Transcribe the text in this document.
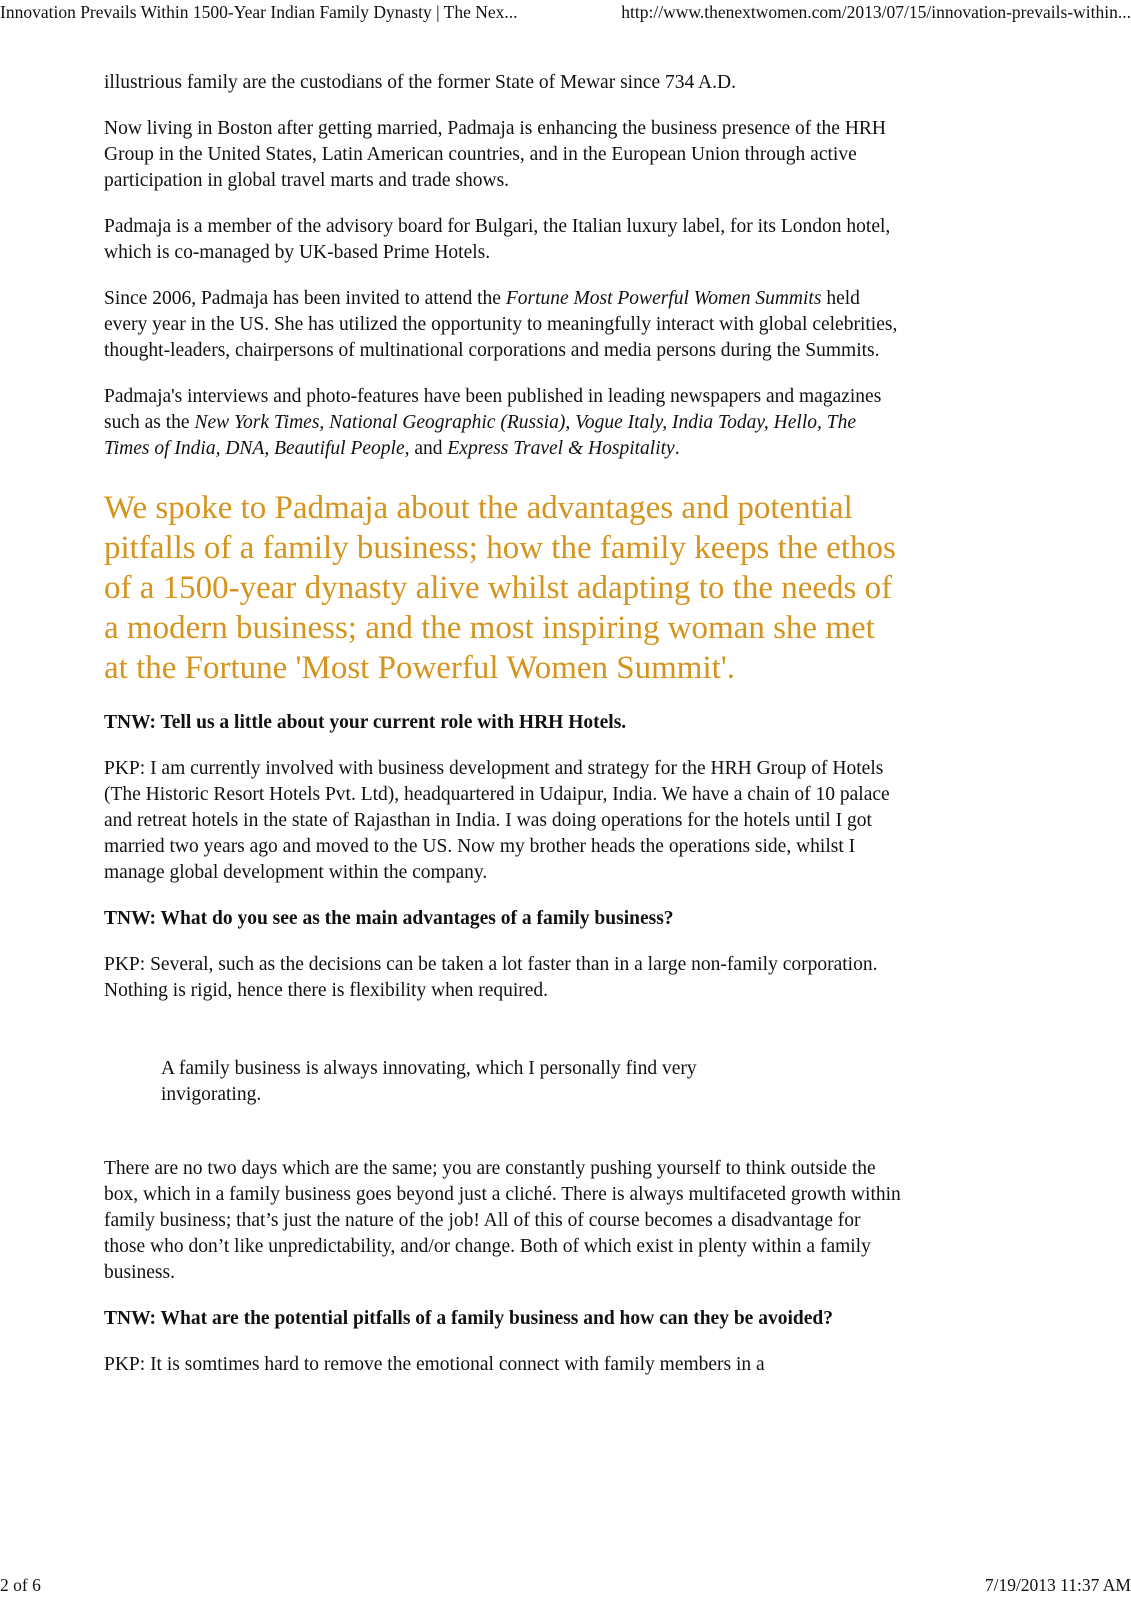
Innovation Prevails Within 1500-Year Indian Family Dynasty | The Nex...	http://www.thenextwomen.com/2013/07/15/innovation-prevails-within...

illustrious family are the custodians of the former State of Mewar since 734 A.D.

Now living in Boston after getting married, Padmaja is enhancing the business presence of the HRH Group in the United States, Latin American countries, and in the European Union through active participation in global travel marts and trade shows.

Padmaja is a member of the advisory board for Bulgari, the Italian luxury label, for its London hotel, which is co-managed by UK-based Prime Hotels.

Since 2006, Padmaja has been invited to attend the Fortune Most Powerful Women Summits held every year in the US. She has utilized the opportunity to meaningfully interact with global celebrities, thought-leaders, chairpersons of multinational corporations and media persons during the Summits.

Padmaja's interviews and photo-features have been published in leading newspapers and magazines such as the New York Times, National Geographic (Russia), Vogue Italy, India Today, Hello, The Times of India, DNA, Beautiful People, and Express Travel & Hospitality.

We spoke to Padmaja about the advantages and potential pitfalls of a family business; how the family keeps the ethos of a 1500-year dynasty alive whilst adapting to the needs of a modern business; and the most inspiring woman she met at the Fortune 'Most Powerful Women Summit'.
TNW: Tell us a little about your current role with HRH Hotels.

PKP: I am currently involved with business development and strategy for the HRH Group of Hotels (The Historic Resort Hotels Pvt. Ltd), headquartered in Udaipur, India. We have a chain of 10 palace and retreat hotels in the state of Rajasthan in India. I was doing operations for the hotels until I got married two years ago and moved to the US. Now my brother heads the operations side, whilst I manage global development within the company.

TNW: What do you see as the main advantages of a family business?

PKP: Several, such as the decisions can be taken a lot faster than in a large non-family corporation. Nothing is rigid, hence there is flexibility when required.

A family business is always innovating, which I personally find very invigorating.

There are no two days which are the same; you are constantly pushing yourself to think outside the box, which in a family business goes beyond just a cliché. There is always multifaceted growth within family business; that’s just the nature of the job! All of this of course becomes a disadvantage for those who don’t like unpredictability, and/or change. Both of which exist in plenty within a family business.

TNW: What are the potential pitfalls of a family business and how can they be avoided?

PKP: It is somtimes hard to remove the emotional connect with family members in a

2 of 6	7/19/2013 11:37 AM
